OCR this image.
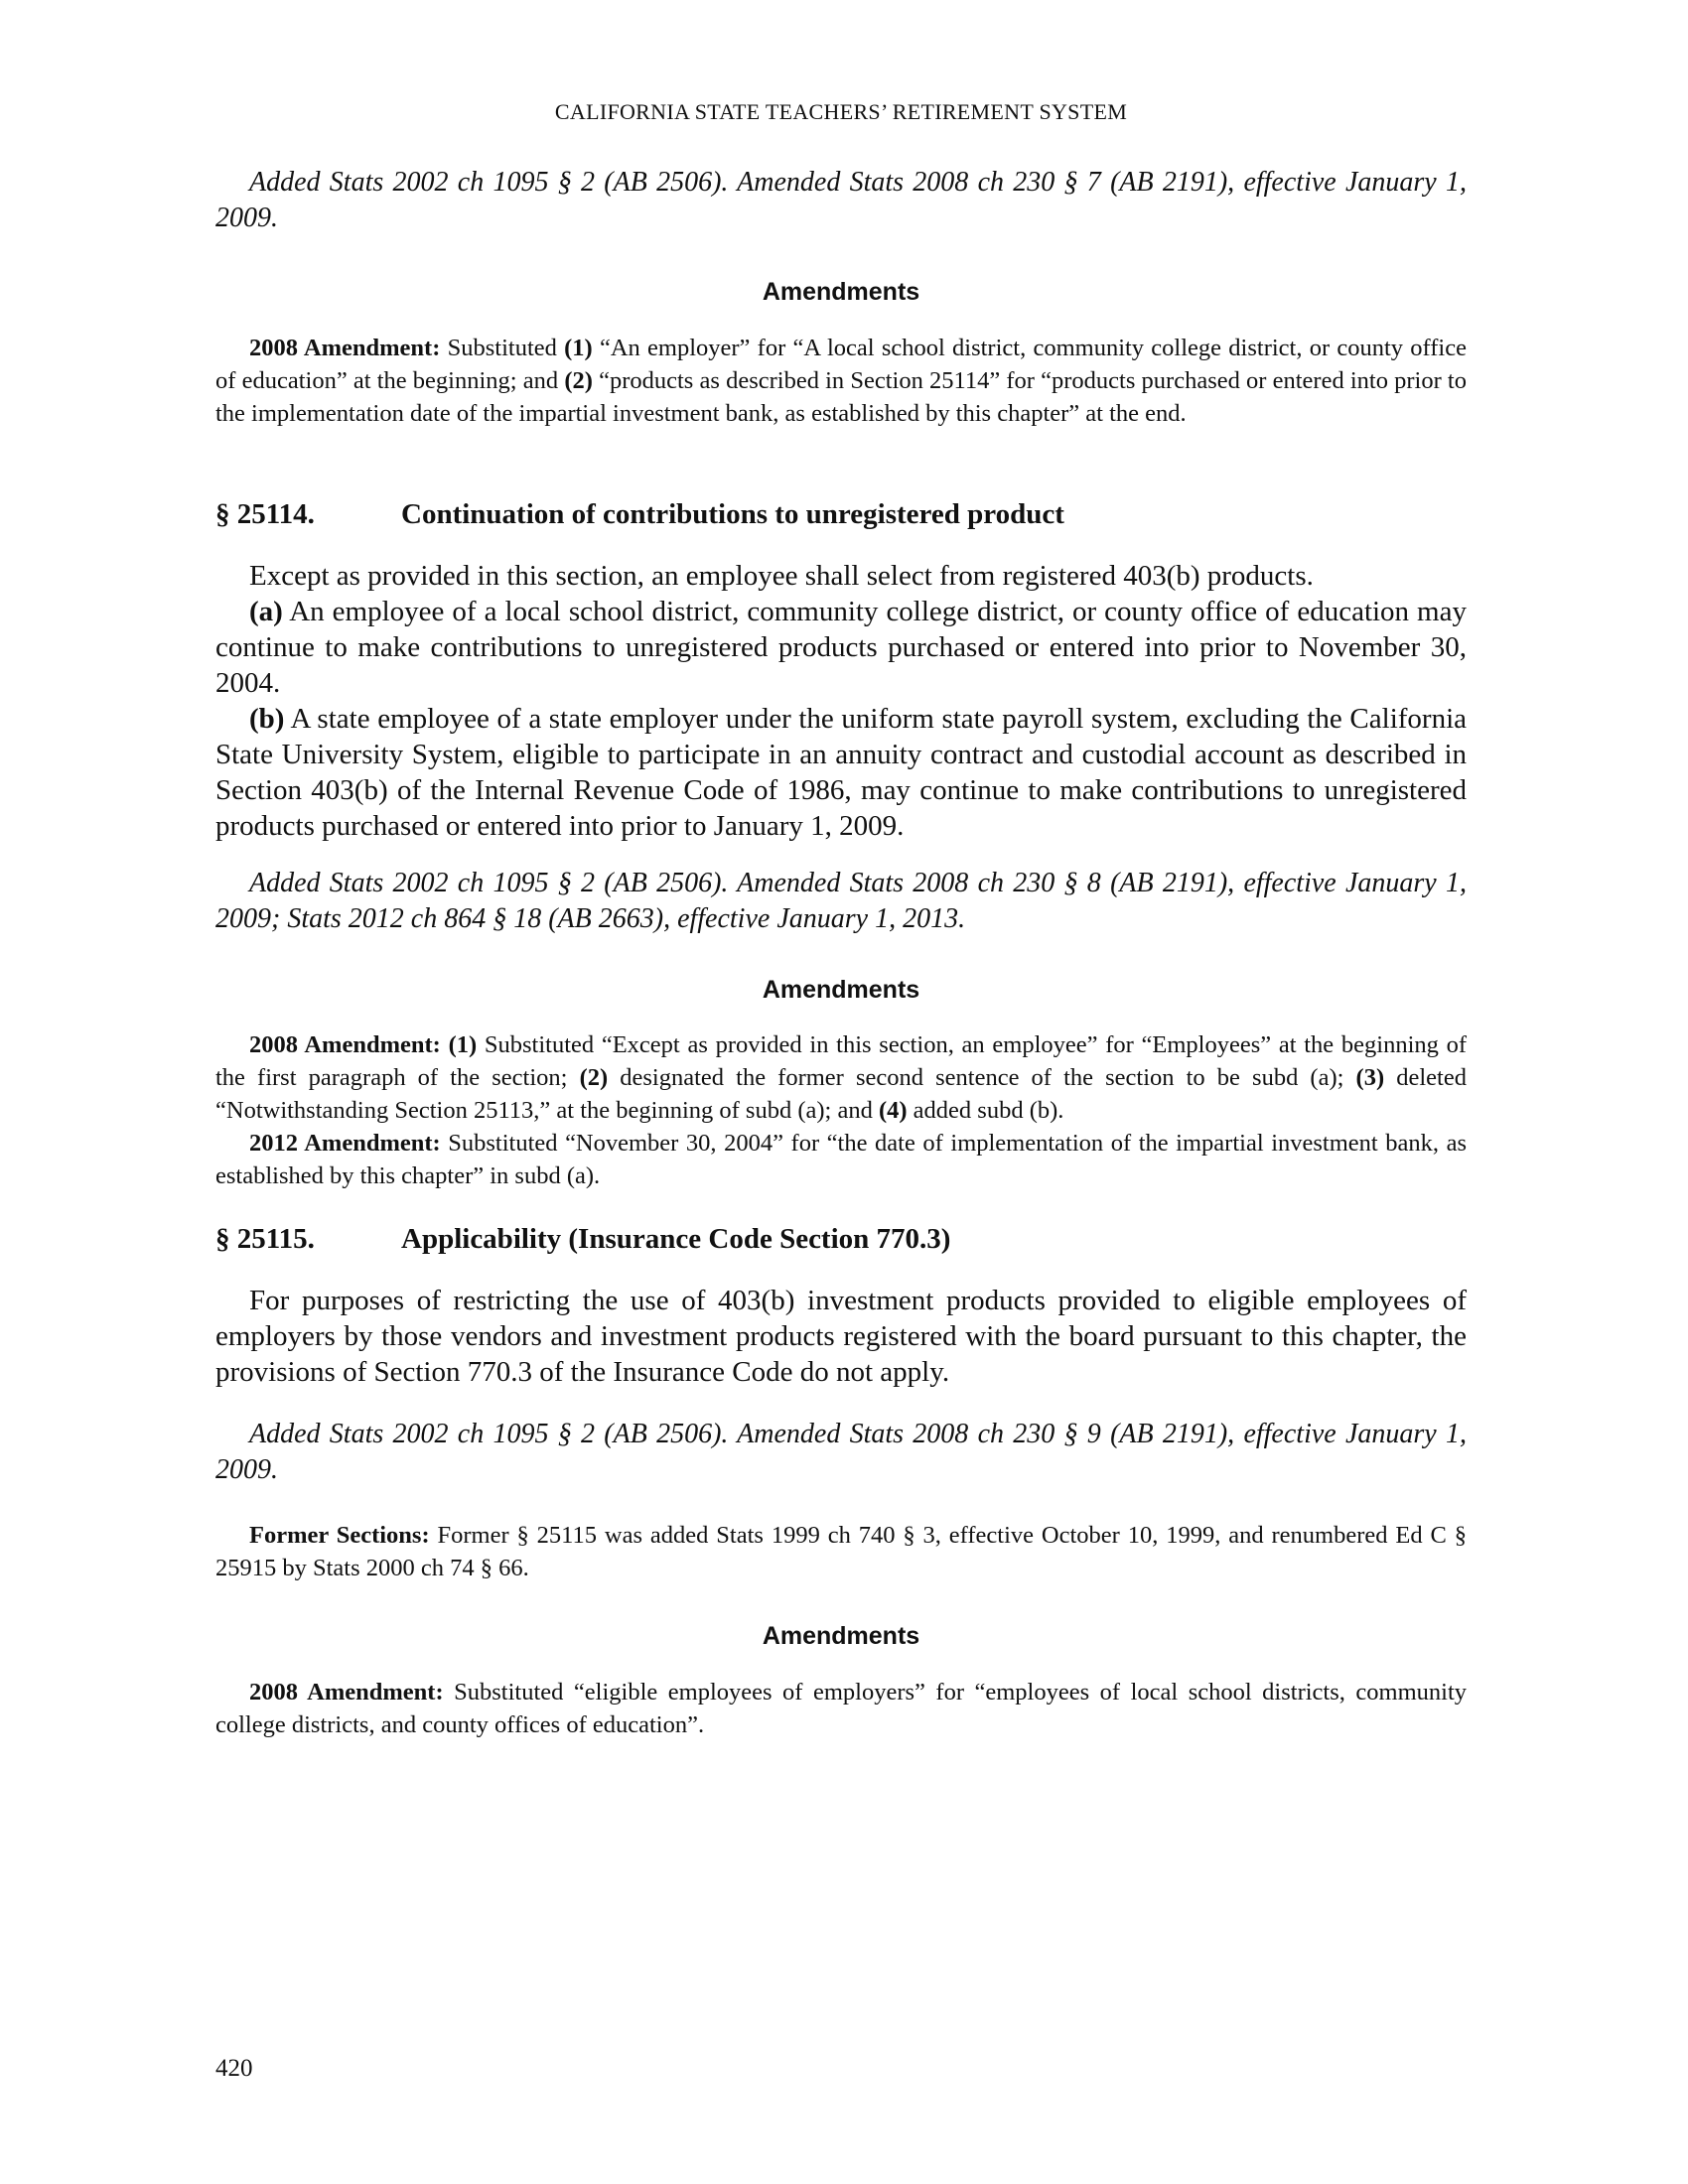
CALIFORNIA STATE TEACHERS’ RETIREMENT SYSTEM
Added Stats 2002 ch 1095 § 2 (AB 2506). Amended Stats 2008 ch 230 § 7 (AB 2191), effective January 1, 2009.
Amendments

2008 Amendment: Substituted (1) “An employer” for “A local school district, community college district, or county office of education” at the beginning; and (2) “products as described in Section 25114” for “products purchased or entered into prior to the implementation date of the impartial investment bank, as established by this chapter” at the end.

§ 25114.	Continuation of contributions to unregistered product

Except as provided in this section, an employee shall select from registered 403(b) products.

(a) An employee of a local school district, community college district, or county office of education may continue to make contributions to unregistered products purchased or entered into prior to November 30, 2004.

(b) A state employee of a state employer under the uniform state payroll system, excluding the California State University System, eligible to participate in an annuity contract and custodial account as described in Section 403(b) of the Internal Revenue Code of 1986, may continue to make contributions to unregistered products purchased or entered into prior to January 1, 2009.

Added Stats 2002 ch 1095 § 2 (AB 2506). Amended Stats 2008 ch 230 § 8 (AB 2191), effective January 1, 2009; Stats 2012 ch 864 § 18 (AB 2663), effective January 1, 2013.
Amendments

2008 Amendment: (1) Substituted “Except as provided in this section, an employee” for “Employees” at the beginning of the first paragraph of the section; (2) designated the former second sentence of the section to be subd (a); (3) deleted “Notwithstanding Section 25113,” at the beginning of subd (a); and (4) added subd (b).

2012 Amendment: Substituted “November 30, 2004” for “the date of implementation of the impartial investment bank, as established by this chapter” in subd (a).

§ 25115.	Applicability (Insurance Code Section 770.3)

For purposes of restricting the use of 403(b) investment products provided to eligible employees of employers by those vendors and investment products registered with the board pursuant to this chapter, the provisions of Section 770.3 of the Insurance Code do not apply.

Added Stats 2002 ch 1095 § 2 (AB 2506). Amended Stats 2008 ch 230 § 9 (AB 2191), effective January 1, 2009.

Former Sections: Former § 25115 was added Stats 1999 ch 740 § 3, effective October 10, 1999, and renumbered Ed C § 25915 by Stats 2000 ch 74 § 66.

Amendments

2008 Amendment: Substituted “eligible employees of employers” for “employees of local school districts, community college districts, and county offices of education”.

420
